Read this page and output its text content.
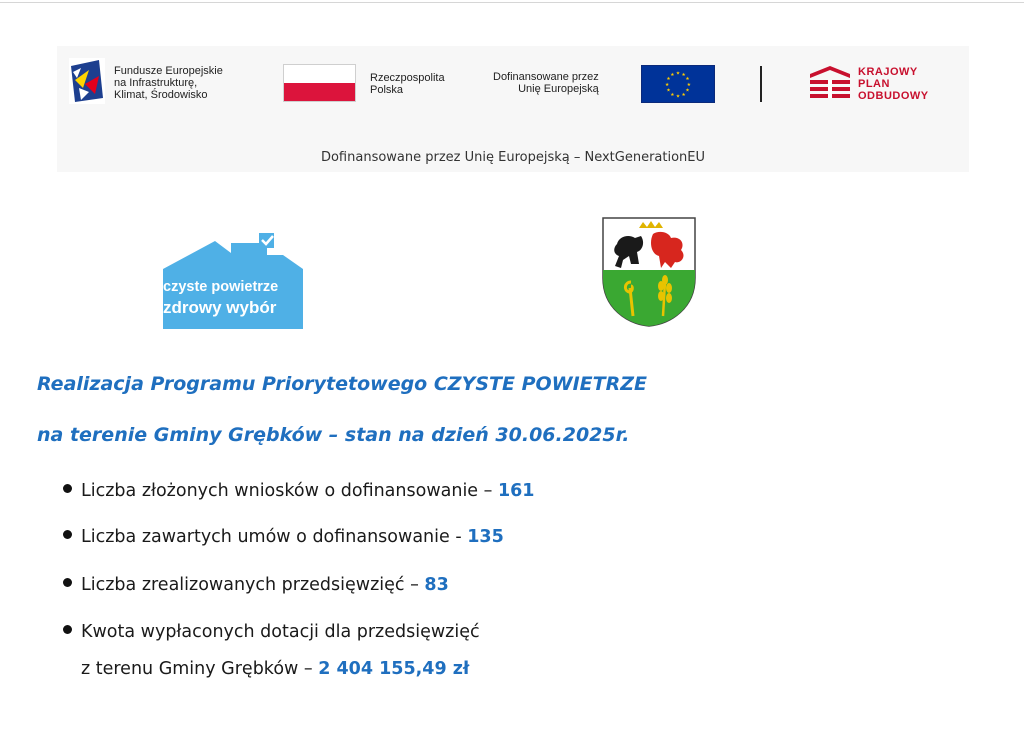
Fundusze Europejskie
na Infrastrukturę,
Klimat, Środowisko
Rzeczpospolita
Polska
Dofinansowane przez
Unię Europejską
★ ★
★
★
★
★
★
★
★
★
★
★	KRAJOWY
PLAN
ODBUDOWY
Dofinansowane przez Unię Europejską – NextGenerationEU
czyste powietrze
zdrowy wybór
Realizacja Programu Priorytetowego CZYSTE POWIETRZE
na terenie Gminy Grębków – stan na dzień 30.06.2025r.
Liczba złożonych wniosków o dofinansowanie – 161
Liczba zawartych umów o dofinansowanie - 135
Liczba zrealizowanych przedsięwzięć – 83
Kwota wypłaconych dotacji dla przedsięwzięć
z terenu Gminy Grębków – 2 404 155,49 zł
